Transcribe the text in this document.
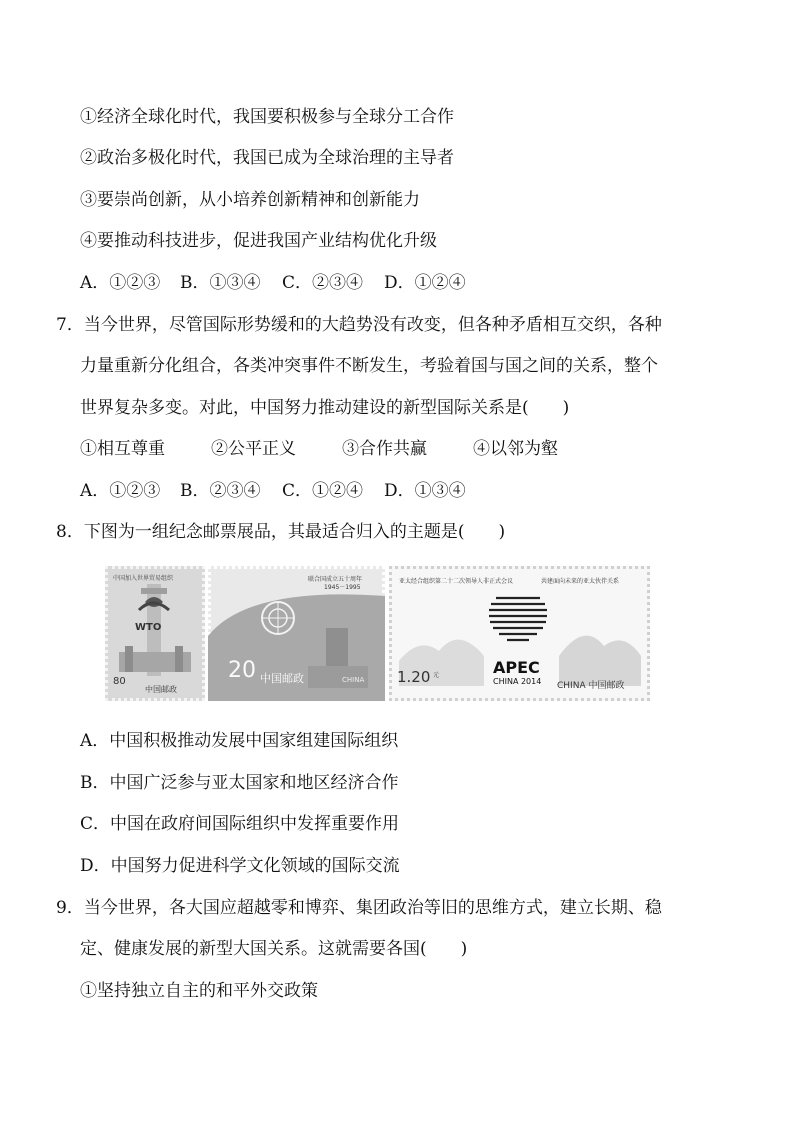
①经济全球化时代，我国要积极参与全球分工合作
②政治多极化时代，我国已成为全球治理的主导者
③要崇尚创新，从小培养创新精神和创新能力
④要推动科技进步，促进我国产业结构优化升级
A．①②③ B．①③④ C．②③④ D．①②④
7．当今世界，尽管国际形势缓和的大趋势没有改变，但各种矛盾相互交织，各种
力量重新分化组合，各类冲突事件不断发生，考验着国与国之间的关系，整个
世界复杂多变。对此，中国努力推动建设的新型国际关系是(　　)
①相互尊重	②公平正义	③合作共赢	④以邻为壑
A．①②③ B．②③④ C．①②④ D．①③④
8．下图为一组纪念邮票展品，其最适合归入的主题是(　　)
中国加入世界贸易组织
WTO
80
中国邮政
联合国成立五十周年
1945－1995
20 中国邮政	CHINA
亚太经合组织第二十二次领导人非正式会议	共建面向未来的亚太伙伴关系
APEC
CHINA 2014
1.20 元
CHINA 中国邮政
A．中国积极推动发展中国家组建国际组织
B．中国广泛参与亚太国家和地区经济合作
C．中国在政府间国际组织中发挥重要作用
D．中国努力促进科学文化领域的国际交流
9．当今世界，各大国应超越零和博弈、集团政治等旧的思维方式，建立长期、稳
定、健康发展的新型大国关系。这就需要各国(　　)
①坚持独立自主的和平外交政策
